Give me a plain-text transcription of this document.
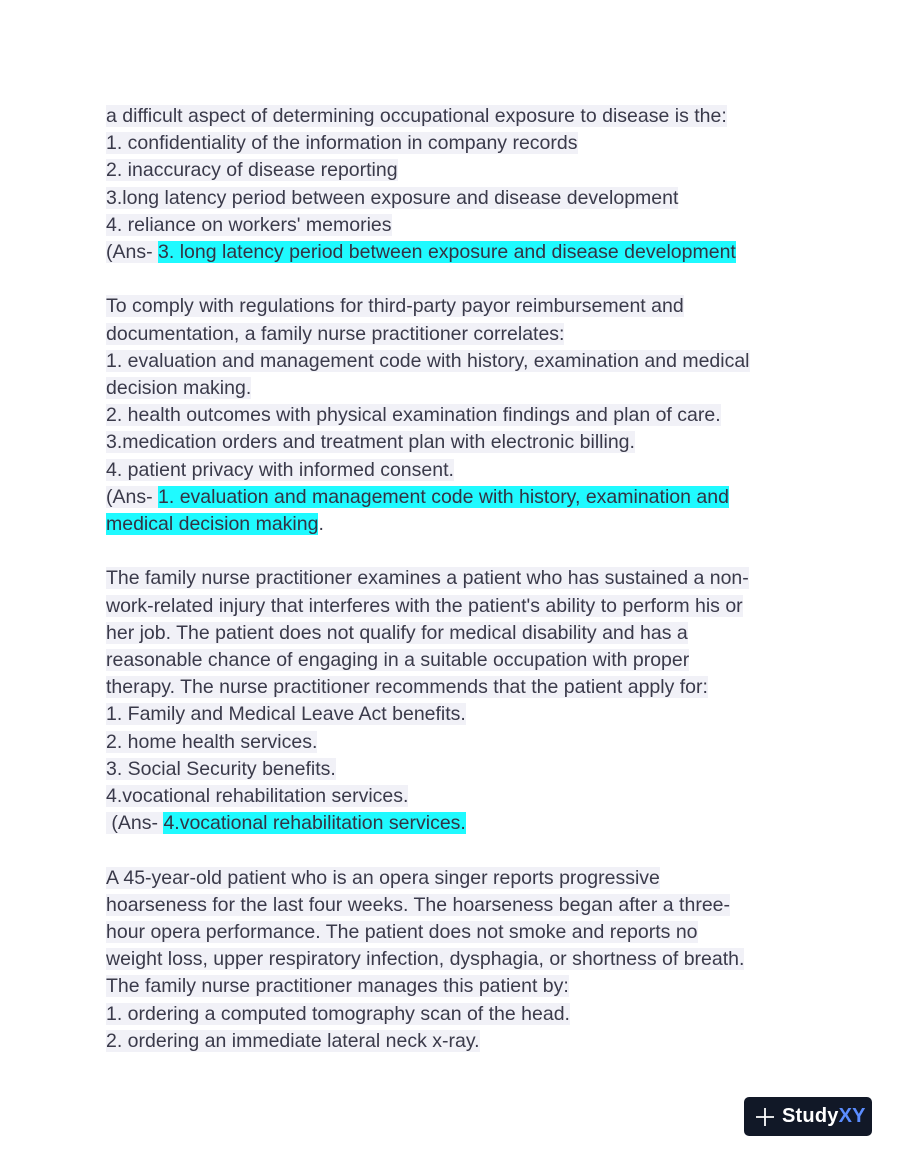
a difficult aspect of determining occupational exposure to disease is the:
1. confidentiality of the information in company records
2. inaccuracy of disease reporting
3.long latency period between exposure and disease development
4. reliance on workers' memories
(Ans- 3. long latency period between exposure and disease development
To comply with regulations for third-party payor reimbursement and
documentation, a family nurse practitioner correlates:
1. evaluation and management code with history, examination and medical
decision making.
2. health outcomes with physical examination findings and plan of care.
3.medication orders and treatment plan with electronic billing.
4. patient privacy with informed consent.
(Ans- 1. evaluation and management code with history, examination and
medical decision making.
The family nurse practitioner examines a patient who has sustained a non-
work-related injury that interferes with the patient's ability to perform his or
her job. The patient does not qualify for medical disability and has a
reasonable chance of engaging in a suitable occupation with proper
therapy. The nurse practitioner recommends that the patient apply for:
1. Family and Medical Leave Act benefits.
2. home health services.
3. Social Security benefits.
4.vocational rehabilitation services.
(Ans- 4.vocational rehabilitation services.
A 45-year-old patient who is an opera singer reports progressive
hoarseness for the last four weeks. The hoarseness began after a three-
hour opera performance. The patient does not smoke and reports no
weight loss, upper respiratory infection, dysphagia, or shortness of breath.
The family nurse practitioner manages this patient by:
1. ordering a computed tomography scan of the head.
2. ordering an immediate lateral neck x-ray.
StudyXY
